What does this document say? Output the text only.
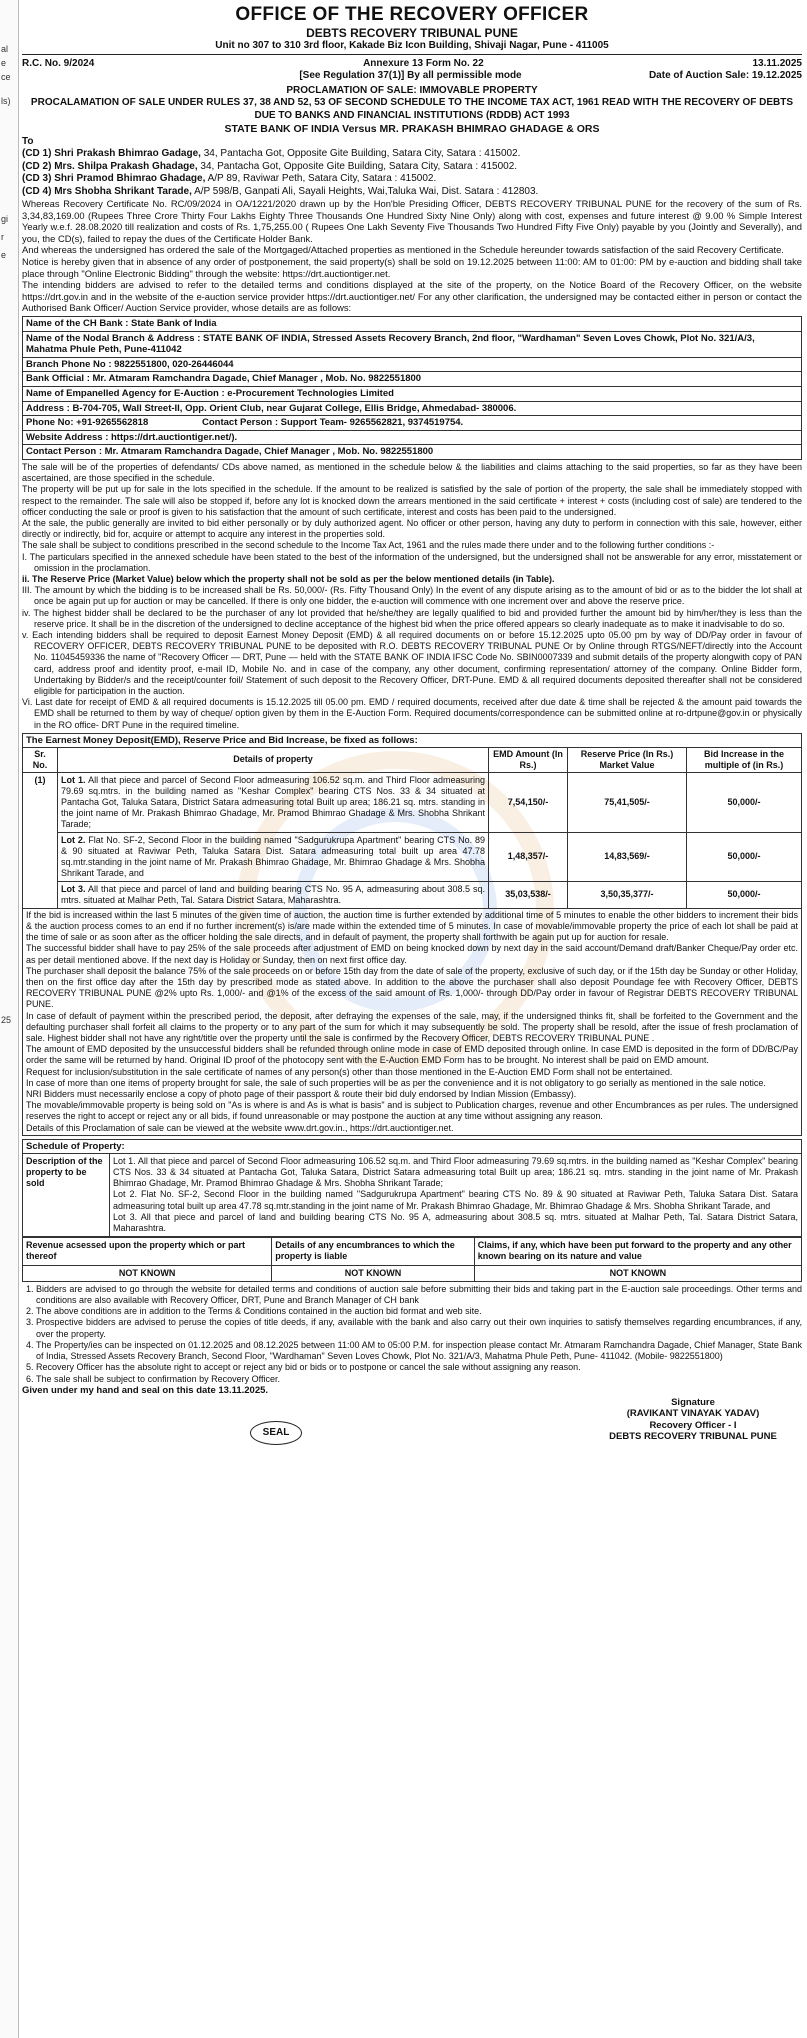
al
e
ce
ls)
gi
r
e
25
OFFICE OF THE RECOVERY OFFICER
DEBTS RECOVERY TRIBUNAL PUNE
Unit no 307 to 310 3rd floor, Kakade Biz Icon Building, Shivaji Nagar, Pune - 411005
R.C. No. 9/2024	Annexure 13 Form No. 22	13.11.2025
[See Regulation 37(1)] By all permissible mode	Date of Auction Sale: 19.12.2025
PROCLAMATION OF SALE: IMMOVABLE PROPERTY
PROCALAMATION OF SALE UNDER RULES 37, 38 AND 52, 53 OF SECOND SCHEDULE TO THE INCOME TAX ACT, 1961 READ WITH THE RECOVERY OF DEBTS DUE TO BANKS AND FINANCIAL INSTITUTIONS (RDDB) ACT 1993
STATE BANK OF INDIA Versus MR. PRAKASH BHIMRAO GHADAGE & ORS
To
(CD 1) Shri Prakash Bhimrao Gadage, 34, Pantacha Got, Opposite Gite Building, Satara City, Satara : 415002.
(CD 2) Mrs. Shilpa Prakash Ghadage, 34, Pantacha Got, Opposite Gite Building, Satara City, Satara : 415002.
(CD 3) Shri Pramod Bhimrao Ghadage, A/P 89, Raviwar Peth, Satara City, Satara : 415002.
(CD 4) Mrs Shobha Shrikant Tarade, A/P 598/B, Ganpati Ali, Sayali Heights, Wai,Taluka Wai, Dist. Satara : 412803.

Whereas Recovery Certificate No. RC/09/2024 in OA/1221/2020 drawn up by the Hon'ble Presiding Officer, DEBTS RECOVERY TRIBUNAL PUNE for the recovery of the sum of Rs. 3,34,83,169.00 (Rupees Three Crore Thirty Four Lakhs Eighty Three Thousands One Hundred Sixty Nine Only) along with cost, expenses and future interest @ 9.00 % Simple Interest Yearly w.e.f. 28.08.2020 till realization and costs of Rs. 1,75,255.00 ( Rupees One Lakh Seventy Five Thousands Two Hundred Fifty Five Only) payable by you (Jointly and Severally), and you, the CD(s), failed to repay the dues of the Certificate Holder Bank.

And whereas the undersigned has ordered the sale of the Mortgaged/Attached properties as mentioned in the Schedule hereunder towards satisfaction of the said Recovery Certificate.

Notice is hereby given that in absence of any order of postponement, the said property(s) shall be sold on 19.12.2025 between 11:00: AM to 01:00: PM by e-auction and bidding shall take place through "Online Electronic Bidding" through the website: https://drt.auctiontiger.net.

The intending bidders are advised to refer to the detailed terms and conditions displayed at the site of the property, on the Notice Board of the Recovery Officer, on the website https://drt.gov.in and in the website of the e-auction service provider https://drt.auctiontiger.net/ For any other clarification, the undersigned may be contacted either in person or contact the Authorised Bank Officer/ Auction Service provider, whose details are as follows:

Name of the CH Bank : State Bank of India
Name of the Nodal Branch & Address : STATE BANK OF INDIA, Stressed Assets Recovery Branch, 2nd floor, "Wardhaman" Seven Loves Chowk, Plot No. 321/A/3, Mahatma Phule Peth, Pune-411042
Branch Phone No : 9822551800, 020-26446044
Bank Official : Mr. Atmaram Ramchandra Dagade, Chief Manager , Mob. No. 9822551800
Name of Empanelled Agency for E-Auction : e-Procurement Technologies Limited
Address : B-704-705, Wall Street-II, Opp. Orient Club, near Gujarat College, Ellis Bridge, Ahmedabad- 380006.
Phone No: +91-9265562818	Contact Person : Support Team- 9265562821, 9374519754.
Website Address : https://drt.auctiontiger.net/).
Contact Person : Mr. Atmaram Ramchandra Dagade, Chief Manager , Mob. No. 9822551800

The sale will be of the properties of defendants/ CDs above named, as mentioned in the schedule below & the liabilities and claims attaching to the said properties, so far as they have been ascertained, are those specified in the schedule.

The property will be put up for sale in the lots specified in the schedule. If the amount to be realized is satisfied by the sale of portion of the property, the sale shall be immediately stopped with respect to the remainder. The sale will also be stopped if, before any lot is knocked down the arrears mentioned in the said certificate + interest + costs (including cost of sale) are tendered to the officer conducting the sale or proof is given to his satisfaction that the amount of such certificate, interest and costs has been paid to the undersigned.

At the sale, the public generally are invited to bid either personally or by duly authorized agent. No officer or other person, having any duty to perform in connection with this sale, however, either directly or indirectly, bid for, acquire or attempt to acquire any interest in the properties sold.

The sale shall be subject to conditions prescribed in the second schedule to the Income Tax Act, 1961 and the rules made there under and to the following further conditions :-

I. The particulars specified in the annexed schedule have been stated to the best of the information of the undersigned, but the undersigned shall not be answerable for any error, misstatement or omission in the proclamation.
ii. The Reserve Price (Market Value) below which the property shall not be sold as per the below mentioned details (in Table).
III. The amount by which the bidding is to be increased shall be Rs. 50,000/- (Rs. Fifty Thousand Only) In the event of any dispute arising as to the amount of bid or as to the bidder the lot shall at once be again put up for auction or may be cancelled. If there is only one bidder, the e-auction will commence with one increment over and above the reserve price.
iv. The highest bidder shall be declared to be the purchaser of any lot provided that he/she/they are legally qualified to bid and provided further the amount bid by him/her/they is less than the reserve price. It shall be in the discretion of the undersigned to decline acceptance of the highest bid when the price offered appears so clearly inadequate as to make it inadvisable to do so.
v. Each intending bidders shall be required to deposit Earnest Money Deposit (EMD) & all required documents on or before 15.12.2025 upto 05.00 pm by way of DD/Pay order in favour of RECOVERY OFFICER, DEBTS RECOVERY TRIBUNAL PUNE to be deposited with R.O. DEBTS RECOVERY TRIBUNAL PUNE Or by Online through RTGS/NEFT/directly into the Account No. 11045459336 the name of "Recovery Officer — DRT, Pune — held with the STATE BANK OF INDIA IFSC Code No. SBIN0007339 and submit details of the property alongwith copy of PAN card, address proof and identity proof, e-mail ID, Mobile No. and in case of the company, any other document, confirming representation/ attorney of the company. Online Bidder form, Undertaking by Bidder/s and the receipt/counter foil/ Statement of such deposit to the Recovery Officer, DRT-Pune. EMD & all required documents deposited thereafter shall not be considered eligible for participation in the auction.
Vi. Last date for receipt of EMD & all required documents is 15.12.2025 till 05.00 pm. EMD / required documents, received after due date & time shall be rejected & the amount paid towards the EMD shall be returned to them by way of cheque/ option given by them in the E-Auction Form. Required documents/correspondence can be submitted online at ro-drtpune@gov.in or physically in the RO office- DRT Pune in the required timeline.
The Earnest Money Deposit(EMD), Reserve Price and Bid Increase, be fixed as follows:
Sr. No.	Details of property	EMD Amount (In Rs.)	Reserve Price (In Rs.) Market Value	Bid Increase in the multiple of (in Rs.)
(1)	Lot 1. All that piece and parcel of Second Floor admeasuring 106.52 sq.m. and Third Floor admeasuring 79.69 sq.mtrs. in the building named as "Keshar Complex" bearing CTS Nos. 33 & 34 situated at Pantacha Got, Taluka Satara, District Satara admeasuring total Built up area; 186.21 sq. mtrs. standing in the joint name of Mr. Prakash Bhimrao Ghadage, Mr. Pramod Bhimrao Ghadage & Mrs. Shobha Shrikant Tarade;	7,54,150/-	75,41,505/-	50,000/-
	Lot 2. Flat No. SF-2, Second Floor in the building named "Sadgurukrupa Apartment" bearing CTS No. 89 & 90 situated at Raviwar Peth, Taluka Satara Dist. Satara admeasuring total built up area 47.78 sq.mtr.standing in the joint name of Mr. Prakash Bhimrao Ghadage, Mr. Bhimrao Ghadage & Mrs. Shobha Shrikant Tarade, and	1,48,357/-	14,83,569/-	50,000/-
	Lot 3. All that piece and parcel of land and building bearing CTS No. 95 A, admeasuring about 308.5 sq. mtrs. situated at Malhar Peth, Tal. Satara District Satara, Maharashtra.	35,03,538/-	3,50,35,377/-	50,000/-

If the bid is increased within the last 5 minutes of the given time of auction, the auction time is further extended by additional time of 5 minutes to enable the other bidders to increment their bids & the auction process comes to an end if no further increment(s) is/are made within the extended time of 5 minutes. In case of movable/immovable property the price of each lot shall be paid at the time of sale or as soon after as the officer holding the sale directs, and in default of payment, the property shall forthwith be again put up for auction for resale.

The successful bidder shall have to pay 25% of the sale proceeds after adjustment of EMD on being knocked down by next day in the said account/Demand draft/Banker Cheque/Pay order etc. as per detail mentioned above. If the next day is Holiday or Sunday, then on next first office day.

The purchaser shall deposit the balance 75% of the sale proceeds on or before 15th day from the date of sale of the property, exclusive of such day, or if the 15th day be Sunday or other Holiday, then on the first office day after the 15th day by prescribed mode as stated above. In addition to the above the purchaser shall also deposit Poundage fee with Recovery Officer, DEBTS RECOVERY TRIBUNAL PUNE @2% upto Rs. 1,000/- and @1% of the excess of the said amount of Rs. 1,000/- through DD/Pay order in favour of Registrar DEBTS RECOVERY TRIBUNAL PUNE.

In case of default of payment within the prescribed period, the deposit, after defraying the expenses of the sale, may, if the undersigned thinks fit, shall be forfeited to the Government and the defaulting purchaser shall forfeit all claims to the property or to any part of the sum for which it may subsequently be sold. The property shall be resold, after the issue of fresh proclamation of sale. Highest bidder shall not have any right/title over the property until the sale is confirmed by the Recovery Officer, DEBTS RECOVERY TRIBUNAL PUNE .

The amount of EMD deposited by the unsuccessful bidders shall be refunded through online mode in case of EMD deposited through online. In case EMD is deposited in the form of DD/BC/Pay order the same will be returned by hand. Original ID proof of the photocopy sent with the E-Auction EMD Form has to be brought. No interest shall be paid on EMD amount.

Request for inclusion/substitution in the sale certificate of names of any person(s) other than those mentioned in the E-Auction EMD Form shall not be entertained.

In case of more than one items of property brought for sale, the sale of such properties will be as per the convenience and it is not obligatory to go serially as mentioned in the sale notice.

NRI Bidders must necessarily enclose a copy of photo page of their passport & route their bid duly endorsed by Indian Mission (Embassy).

The movable/immovable property is being sold on "As is where is and As is what is basis" and is subject to Publication charges, revenue and other Encumbrances as per rules. The undersigned reserves the right to accept or reject any or all bids, if found unreasonable or may postpone the auction at any time without assigning any reason.

Details of this Proclamation of sale can be viewed at the website www.drt.gov.in., https://drt.auctiontiger.net.

Schedule of Property:
Description of the property to be sold	
Lot 1. All that piece and parcel of Second Floor admeasuring 106.52 sq.m. and Third Floor admeasuring 79.69 sq.mtrs. in the building named as "Keshar Complex" bearing CTS Nos. 33 & 34 situated at Pantacha Got, Taluka Satara, District Satara admeasuring total Built up area; 186.21 sq. mtrs. standing in the joint name of Mr. Prakash Bhimrao Ghadage, Mr. Pramod Bhimrao Ghadage & Mrs. Shobha Shrikant Tarade;
Lot 2. Flat No. SF-2, Second Floor in the building named "Sadgurukrupa Apartment" bearing CTS No. 89 & 90 situated at Raviwar Peth, Taluka Satara Dist. Satara admeasuring total built up area 47.78 sq.mtr.standing in the joint name of Mr. Prakash Bhimrao Ghadage, Mr. Bhimrao Ghadage & Mrs. Shobha Shrikant Tarade, and
Lot 3. All that piece and parcel of land and building bearing CTS No. 95 A, admeasuring about 308.5 sq. mtrs. situated at Malhar Peth, Tal. Satara District Satara, Maharashtra.
Revenue acsessed upon the property which or part thereof	Details of any encumbrances to which the property is liable	Claims, if any, which have been put forward to the property and any other known bearing on its nature and value
NOT KNOWN	NOT KNOWN	NOT KNOWN
1. Bidders are advised to go through the website for detailed terms and conditions of auction sale before submitting their bids and taking part in the E-auction sale proceedings. Other terms and conditions are also available with Recovery Officer, DRT, Pune and Branch Manager of CH bank
2. The above conditions are in addition to the Terms & Conditions contained in the auction bid format and web site.
3. Prospective bidders are advised to peruse the copies of title deeds, if any, available with the bank and also carry out their own inquiries to satisfy themselves regarding encumbrances, if any, over the property.
4. The Property/ies can be inspected on 01.12.2025 and 08.12.2025 between 11:00 AM to 05:00 P.M. for inspection please contact Mr. Atmaram Ramchandra Dagade, Chief Manager, State Bank of India, Stressed Assets Recovery Branch, Second Floor, "Wardhaman" Seven Loves Chowk, Plot No. 321/A/3, Mahatma Phule Peth, Pune- 411042. (Mobile- 9822551800)
5. Recovery Officer has the absolute right to accept or reject any bid or bids or to postpone or cancel the sale without assigning any reason.
6. The sale shall be subject to confirmation by Recovery Officer.
Given under my hand and seal on this date 13.11.2025.
SEAL
Signature
(RAVIKANT VINAYAK YADAV)
Recovery Officer - I
DEBTS RECOVERY TRIBUNAL PUNE
